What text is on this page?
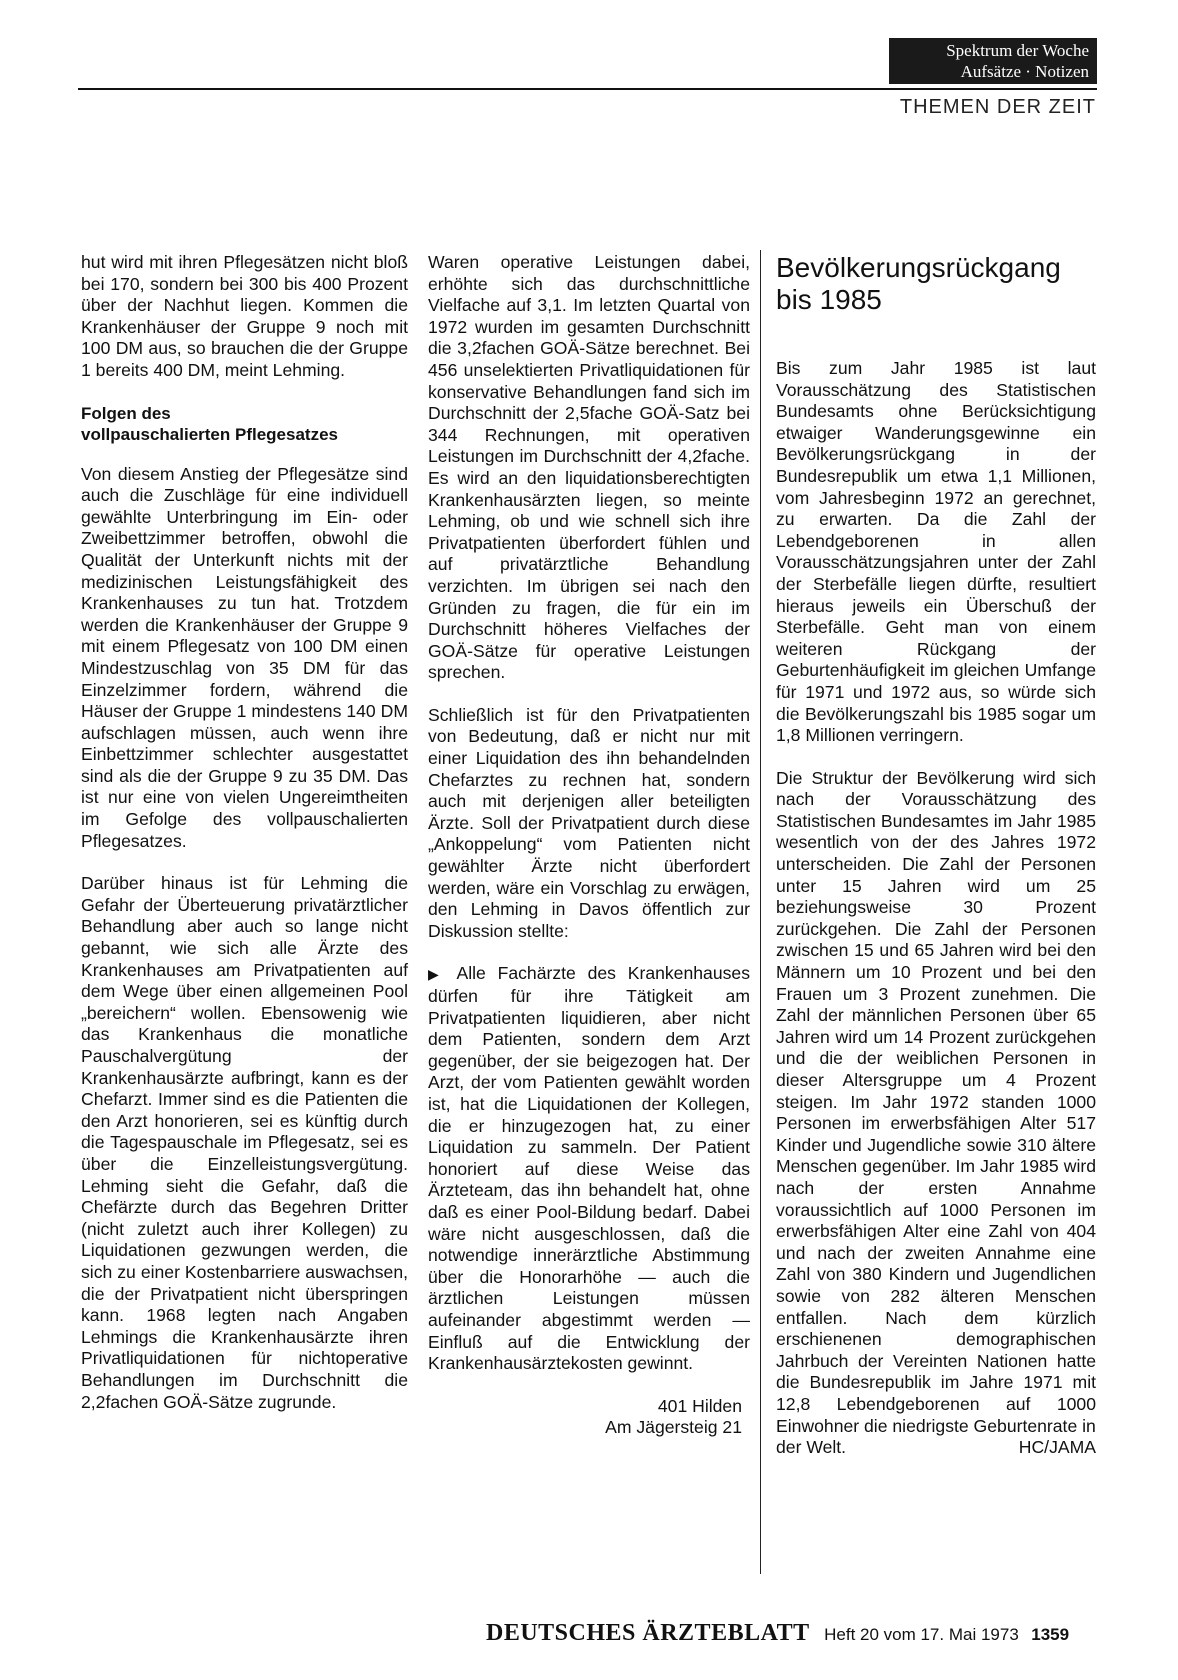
Spektrum der Woche
Aufsätze · Notizen
THEMEN DER ZEIT

hut wird mit ihren Pflegesätzen nicht bloß bei 170, sondern bei 300 bis 400 Prozent über der Nachhut liegen. Kommen die Krankenhäuser der Gruppe 9 noch mit 100 DM aus, so brauchen die der Gruppe 1 bereits 400 DM, meint Lehming.

Folgen des
vollpauschalierten Pflegesatzes

Von diesem Anstieg der Pflegesätze sind auch die Zuschläge für eine individuell gewählte Unterbringung im Ein- oder Zweibettzimmer betroffen, obwohl die Qualität der Unterkunft nichts mit der medizinischen Leistungsfähigkeit des Krankenhauses zu tun hat. Trotzdem werden die Krankenhäuser der Gruppe 9 mit einem Pflegesatz von 100 DM einen Mindestzuschlag von 35 DM für das Einzelzimmer fordern, während die Häuser der Gruppe 1 mindestens 140 DM aufschlagen müssen, auch wenn ihre Einbettzimmer schlechter ausgestattet sind als die der Gruppe 9 zu 35 DM. Das ist nur eine von vielen Ungereimtheiten im Gefolge des vollpauschalierten Pflegesatzes.

Darüber hinaus ist für Lehming die Gefahr der Überteuerung privatärztlicher Behandlung aber auch so lange nicht gebannt, wie sich alle Ärzte des Krankenhauses am Privatpatienten auf dem Wege über einen allgemeinen Pool „bereichern“ wollen. Ebensowenig wie das Krankenhaus die monatliche Pauschalvergütung der Krankenhausärzte aufbringt, kann es der Chefarzt. Immer sind es die Patienten die den Arzt honorieren, sei es künftig durch die Tagespauschale im Pflegesatz, sei es über die Einzelleistungsvergütung. Lehming sieht die Gefahr, daß die Chefärzte durch das Begehren Dritter (nicht zuletzt auch ihrer Kollegen) zu Liquidationen gezwungen werden, die sich zu einer Kostenbarriere auswachsen, die der Privatpatient nicht überspringen kann. 1968 legten nach Angaben Lehmings die Krankenhausärzte ihren Privatliquidationen für nichtoperative Behandlungen im Durchschnitt die 2,2fachen GOÄ-Sätze zugrunde.

Waren operative Leistungen dabei, erhöhte sich das durchschnittliche Vielfache auf 3,1. Im letzten Quartal von 1972 wurden im gesamten Durchschnitt die 3,2fachen GOÄ-Sätze berechnet. Bei 456 unselektierten Privatliquidationen für konservative Behandlungen fand sich im Durchschnitt der 2,5fache GOÄ-Satz bei 344 Rechnungen, mit operativen Leistungen im Durchschnitt der 4,2fache. Es wird an den liquidationsberechtigten Krankenhausärzten liegen, so meinte Lehming, ob und wie schnell sich ihre Privatpatienten überfordert fühlen und auf privatärztliche Behandlung verzichten. Im übrigen sei nach den Gründen zu fragen, die für ein im Durchschnitt höheres Vielfaches der GOÄ-Sätze für operative Leistungen sprechen.

Schließlich ist für den Privatpatienten von Bedeutung, daß er nicht nur mit einer Liquidation des ihn behandelnden Chefarztes zu rechnen hat, sondern auch mit derjenigen aller beteiligten Ärzte. Soll der Privatpatient durch diese „Ankoppelung“ vom Patienten nicht gewählter Ärzte nicht überfordert werden, wäre ein Vorschlag zu erwägen, den Lehming in Davos öffentlich zur Diskussion stellte:

▶ Alle Fachärzte des Krankenhauses dürfen für ihre Tätigkeit am Privatpatienten liquidieren, aber nicht dem Patienten, sondern dem Arzt gegenüber, der sie beigezogen hat. Der Arzt, der vom Patienten gewählt worden ist, hat die Liquidationen der Kollegen, die er hinzugezogen hat, zu einer Liquidation zu sammeln. Der Patient honoriert auf diese Weise das Ärzteteam, das ihn behandelt hat, ohne daß es einer Pool-Bildung bedarf. Dabei wäre nicht ausgeschlossen, daß die notwendige innerärztliche Abstimmung über die Honorarhöhe — auch die ärztlichen Leistungen müssen aufeinander abgestimmt werden — Einfluß auf die Entwicklung der Krankenhausärztekosten gewinnt.

401 Hilden
Am Jägersteig 21
Bevölkerungsrückgang
bis 1985

Bis zum Jahr 1985 ist laut Vorausschätzung des Statistischen Bundesamts ohne Berücksichtigung etwaiger Wanderungsgewinne ein Bevölkerungsrückgang in der Bundesrepublik um etwa 1,1 Millionen, vom Jahresbeginn 1972 an gerechnet, zu erwarten. Da die Zahl der Lebendgeborenen in allen Vorausschätzungsjahren unter der Zahl der Sterbefälle liegen dürfte, resultiert hieraus jeweils ein Überschuß der Sterbefälle. Geht man von einem weiteren Rückgang der Geburtenhäufigkeit im gleichen Umfange für 1971 und 1972 aus, so würde sich die Bevölkerungszahl bis 1985 sogar um 1,8 Millionen verringern.

Die Struktur der Bevölkerung wird sich nach der Vorausschätzung des Statistischen Bundesamtes im Jahr 1985 wesentlich von der des Jahres 1972 unterscheiden. Die Zahl der Personen unter 15 Jahren wird um 25 beziehungsweise 30 Prozent zurückgehen. Die Zahl der Personen zwischen 15 und 65 Jahren wird bei den Männern um 10 Prozent und bei den Frauen um 3 Prozent zunehmen. Die Zahl der männlichen Personen über 65 Jahren wird um 14 Prozent zurückgehen und die der weiblichen Personen in dieser Altersgruppe um 4 Prozent steigen. Im Jahr 1972 standen 1000 Personen im erwerbsfähigen Alter 517 Kinder und Jugendliche sowie 310 ältere Menschen gegenüber. Im Jahr 1985 wird nach der ersten Annahme voraussichtlich auf 1000 Personen im erwerbsfähigen Alter eine Zahl von 404 und nach der zweiten Annahme eine Zahl von 380 Kindern und Jugendlichen sowie von 282 älteren Menschen entfallen. Nach dem kürzlich erschienenen demographischen Jahrbuch der Vereinten Nationen hatte die Bundesrepublik im Jahre 1971 mit 12,8 Lebendgeborenen auf 1000 Einwohner die niedrigste Geburtenrate in

der Welt.	HC/JAMA
DEUTSCHES ÄRZTEBLATT Heft 20 vom 17. Mai 1973 1359
